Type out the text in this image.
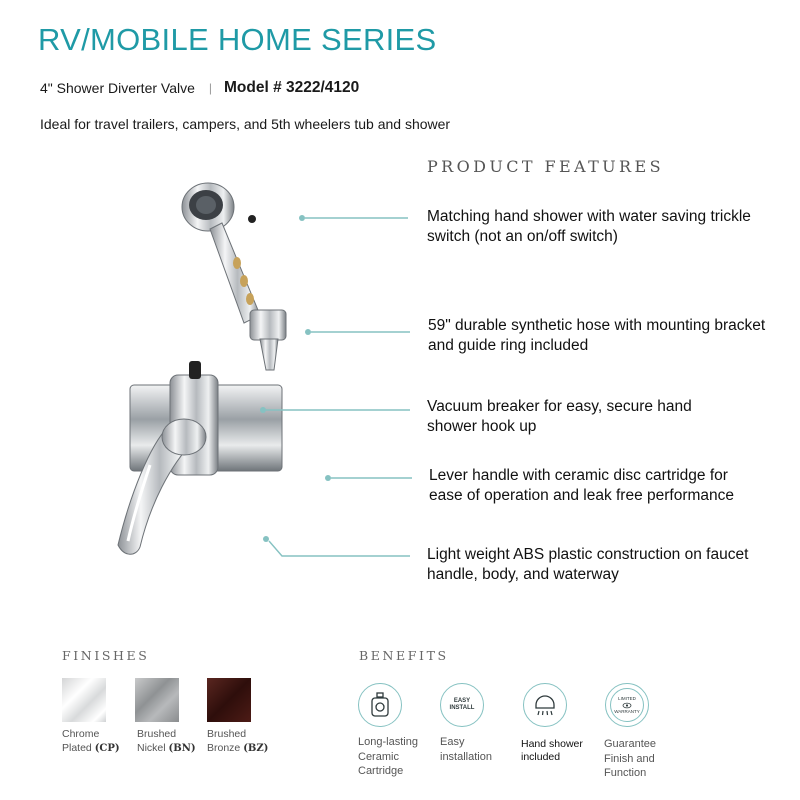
RV/MOBILE HOME SERIES
4" Shower Diverter Valve | Model # 3222/4120
Ideal for travel trailers, campers, and 5th wheelers tub and shower
PRODUCT FEATURES
Matching hand shower with water saving trickle
switch (not an on/off switch)
59" durable synthetic hose with mounting bracket
and guide ring included
Vacuum breaker for easy, secure hand
shower hook up
Lever handle with ceramic disc cartridge for
ease of operation and leak free performance
Light weight ABS plastic construction on faucet
handle, body, and waterway
FINISHES
Chrome
Plated (CP)
Brushed
Nickel (BN)
Brushed
Bronze (BZ)
BENEFITS
Long-lasting
Ceramic
Cartridge
EASY INSTALL
Easy
installation
Hand shower
included
LIMITED
WARRANTY
Guarantee
Finish and
Function
